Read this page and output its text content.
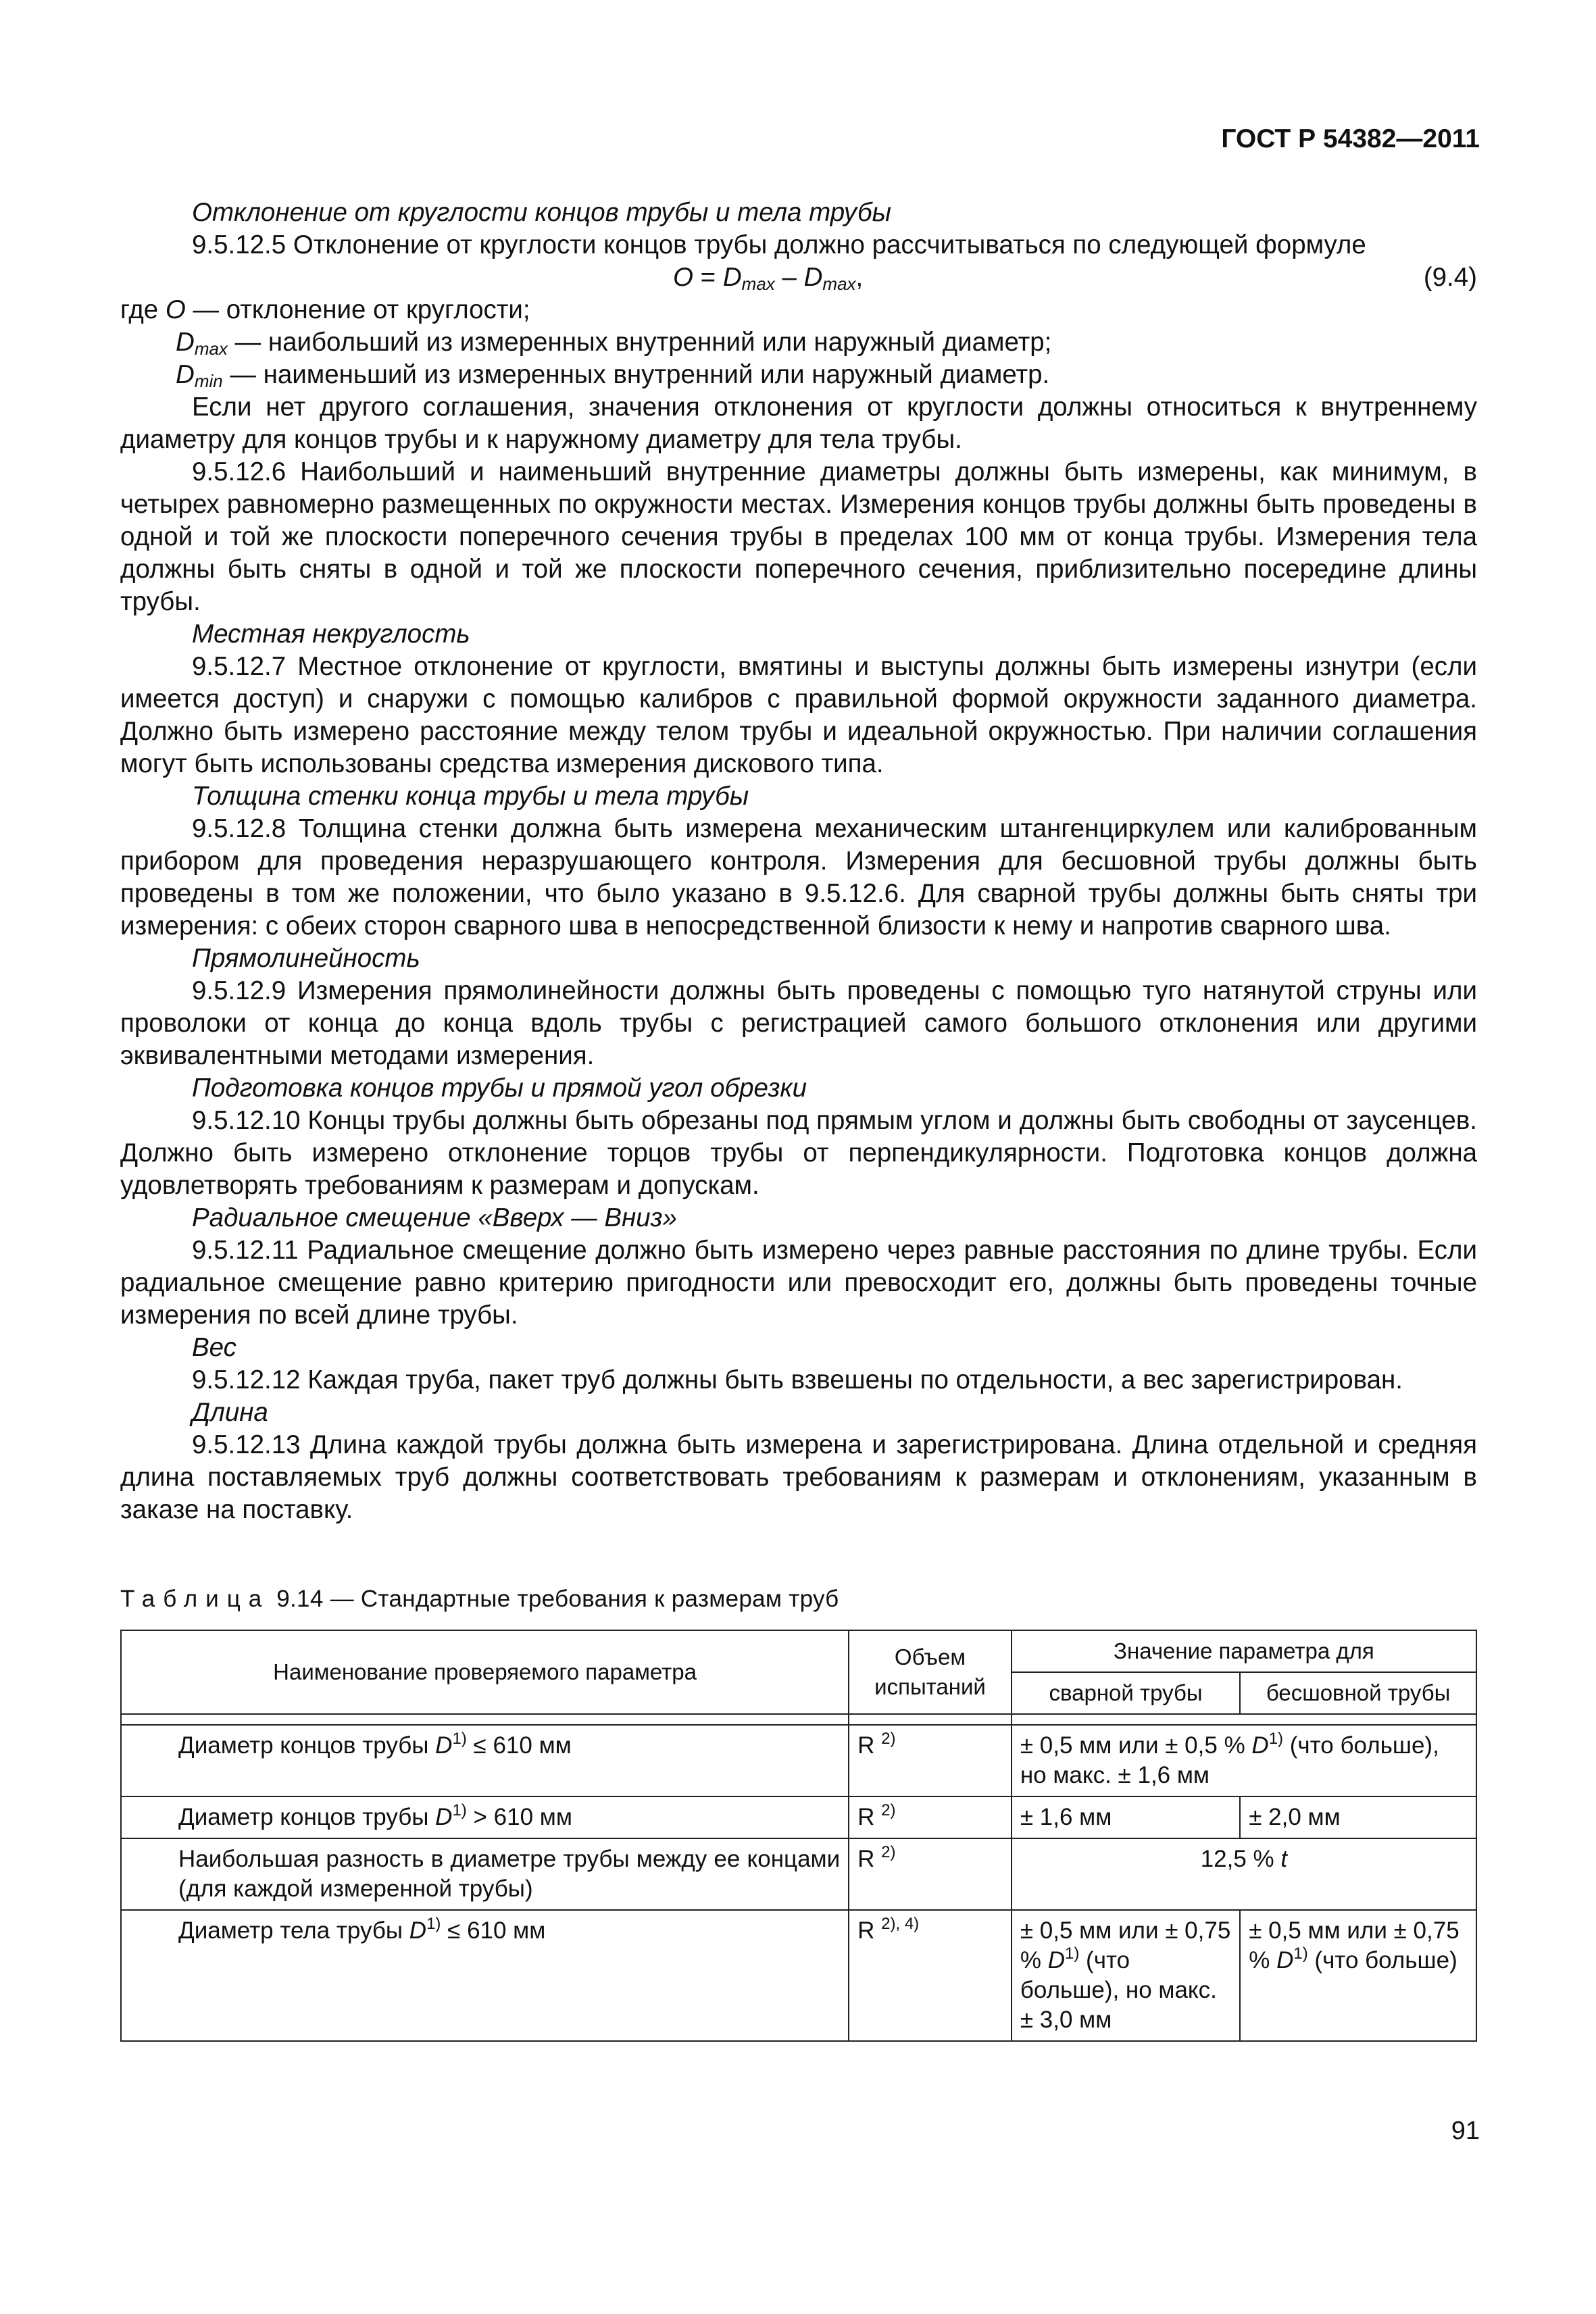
ГОСТ Р 54382—2011

Отклонение от круглости концов трубы и тела трубы

9.5.12.5 Отклонение от круглости концов трубы должно рассчитываться по следующей формуле

$O = D_{max} - D_{max}$,	(9.4)

где O — отклонение от круглости;

$D_{max}$ — наибольший из измеренных внутренний или наружный диаметр;

$D_{min}$ — наименьший из измеренных внутренний или наружный диаметр.

Если нет другого соглашения, значения отклонения от круглости должны относиться к внутреннему диаметру для концов трубы и к наружному диаметру для тела трубы.

9.5.12.6 Наибольший и наименьший внутренние диаметры должны быть измерены, как минимум, в четырех равномерно размещенных по окружности местах. Измерения концов трубы должны быть проведены в одной и той же плоскости поперечного сечения трубы в пределах 100 мм от конца трубы. Измерения тела должны быть сняты в одной и той же плоскости поперечного сечения, приблизительно посередине длины трубы.

Местная некруглость

9.5.12.7 Местное отклонение от круглости, вмятины и выступы должны быть измерены изнутри (если имеется доступ) и снаружи с помощью калибров с правильной формой окружности заданного диаметра. Должно быть измерено расстояние между телом трубы и идеальной окружностью. При наличии соглашения могут быть использованы средства измерения дискового типа.

Толщина стенки конца трубы и тела трубы

9.5.12.8 Толщина стенки должна быть измерена механическим штангенциркулем или калиброванным прибором для проведения неразрушающего контроля. Измерения для бесшовной трубы должны быть проведены в том же положении, что было указано в 9.5.12.6. Для сварной трубы должны быть сняты три измерения: с обеих сторон сварного шва в непосредственной близости к нему и напротив сварного шва.

Прямолинейность

9.5.12.9 Измерения прямолинейности должны быть проведены с помощью туго натянутой струны или проволоки от конца до конца вдоль трубы с регистрацией самого большого отклонения или другими эквивалентными методами измерения.

Подготовка концов трубы и прямой угол обрезки

9.5.12.10 Концы трубы должны быть обрезаны под прямым углом и должны быть свободны от заусенцев. Должно быть измерено отклонение торцов трубы от перпендикулярности. Подготовка концов должна удовлетворять требованиям к размерам и допускам.

Радиальное смещение «Вверх — Вниз»

9.5.12.11 Радиальное смещение должно быть измерено через равные расстояния по длине трубы. Если радиальное смещение равно критерию пригодности или превосходит его, должны быть проведены точные измерения по всей длине трубы.

Вес

9.5.12.12 Каждая труба, пакет труб должны быть взвешены по отдельности, а вес зарегистрирован.

Длина

9.5.12.13 Длина каждой трубы должна быть измерена и зарегистрирована. Длина отдельной и средняя длина поставляемых труб должны соответствовать требованиям к размерам и отклонениям, указанным в заказе на поставку.

Таблица 9.14 — Стандартные требования к размерам труб
Наименование проверяемого параметра	Объем испытаний	Значение параметра для	
		сварной трубы	бесшовной трубы

Диаметр концов трубы $D^{1)} \le 610$ мм	R $^{2)}$	± 0,5 мм или ± 0,5 % $D^{1)}$ (что больше), но макс. ± 1,6 мм	
Диаметр концов трубы $D^{1)} > 610$ мм	R $^{2)}$	± 1,6 мм	± 2,0 мм
Наибольшая разность в диаметре трубы между ее концами (для каждой измеренной трубы)	R $^{2)}$	12,5 % t	
Диаметр тела трубы $D^{1)} \le 610$ мм	R $^{2), 4)}$	± 0,5 мм или ± 0,75 % $D^{1)}$ (что больше), но макс. ± 3,0 мм	± 0,5 мм или ± 0,75 % $D^{1)}$ (что больше)
91
